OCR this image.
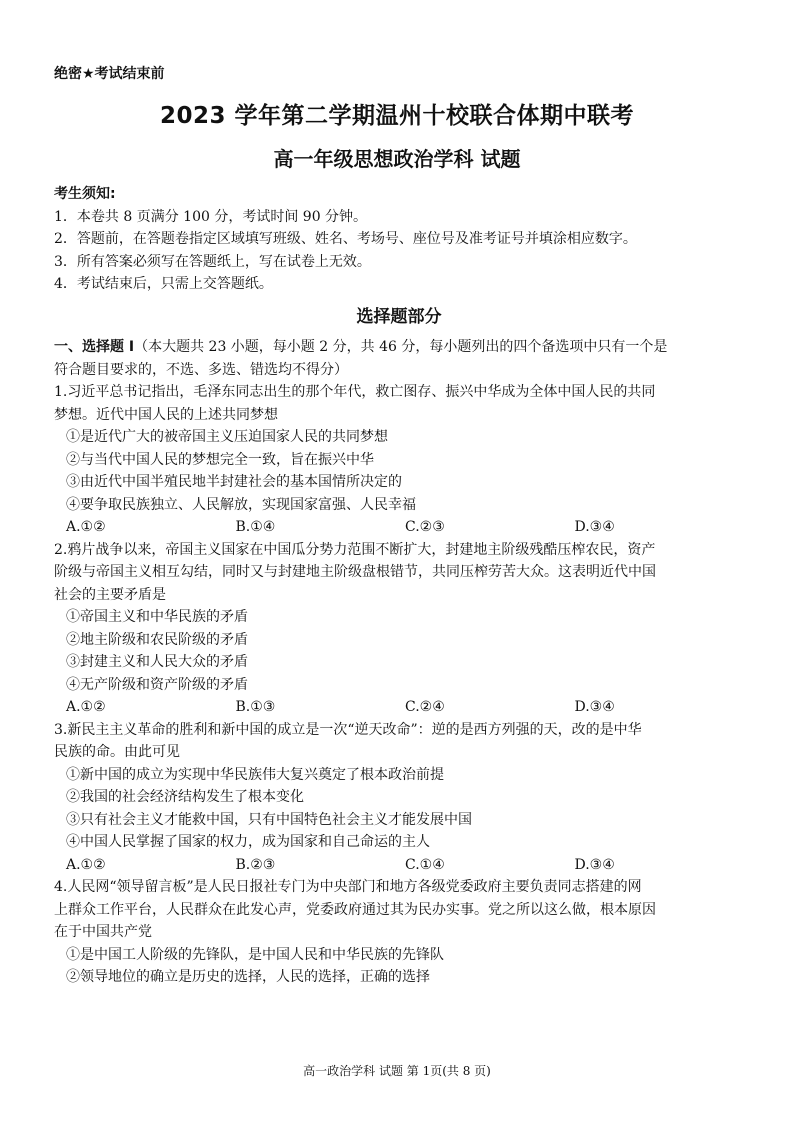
绝密★考试结束前
2023 学年第二学期温州十校联合体期中联考
高一年级思想政治学科 试题
考生须知:
1．本卷共 8 页满分 100 分，考试时间 90 分钟。
2．答题前，在答题卷指定区域填写班级、姓名、考场号、座位号及准考证号并填涂相应数字。
3．所有答案必须写在答题纸上，写在试卷上无效。
4．考试结束后，只需上交答题纸。
选择题部分
一、选择题 I（本大题共 23 小题，每小题 2 分，共 46 分，每小题列出的四个备选项中只有一个是
符合题目要求的，不选、多选、错选均不得分）
1.习近平总书记指出，毛泽东同志出生的那个年代，救亡图存、振兴中华成为全体中国人民的共同
梦想。近代中国人民的上述共同梦想
①是近代广大的被帝国主义压迫国家人民的共同梦想
②与当代中国人民的梦想完全一致，旨在振兴中华
③由近代中国半殖民地半封建社会的基本国情所决定的
④要争取民族独立、人民解放，实现国家富强、人民幸福
A.①②	B.①④	C.②③	D.③④
2.鸦片战争以来，帝国主义国家在中国瓜分势力范围不断扩大，封建地主阶级残酷压榨农民，资产
阶级与帝国主义相互勾结，同时又与封建地主阶级盘根错节，共同压榨劳苦大众。这表明近代中国
社会的主要矛盾是
①帝国主义和中华民族的矛盾
②地主阶级和农民阶级的矛盾
③封建主义和人民大众的矛盾
④无产阶级和资产阶级的矛盾
A.①②	B.①③	C.②④	D.③④
3.新民主主义革命的胜利和新中国的成立是一次“逆天改命”：逆的是西方列强的天，改的是中华
民族的命。由此可见
①新中国的成立为实现中华民族伟大复兴奠定了根本政治前提
②我国的社会经济结构发生了根本变化
③只有社会主义才能救中国，只有中国特色社会主义才能发展中国
④中国人民掌握了国家的权力，成为国家和自己命运的主人
A.①②	B.②③	C.①④	D.③④
4.人民网“领导留言板”是人民日报社专门为中央部门和地方各级党委政府主要负责同志搭建的网
上群众工作平台，人民群众在此发心声，党委政府通过其为民办实事。党之所以这么做，根本原因
在于中国共产党
①是中国工人阶级的先锋队，是中国人民和中华民族的先锋队
②领导地位的确立是历史的选择，人民的选择，正确的选择
高一政治学科 试题 第 1页(共 8 页)
